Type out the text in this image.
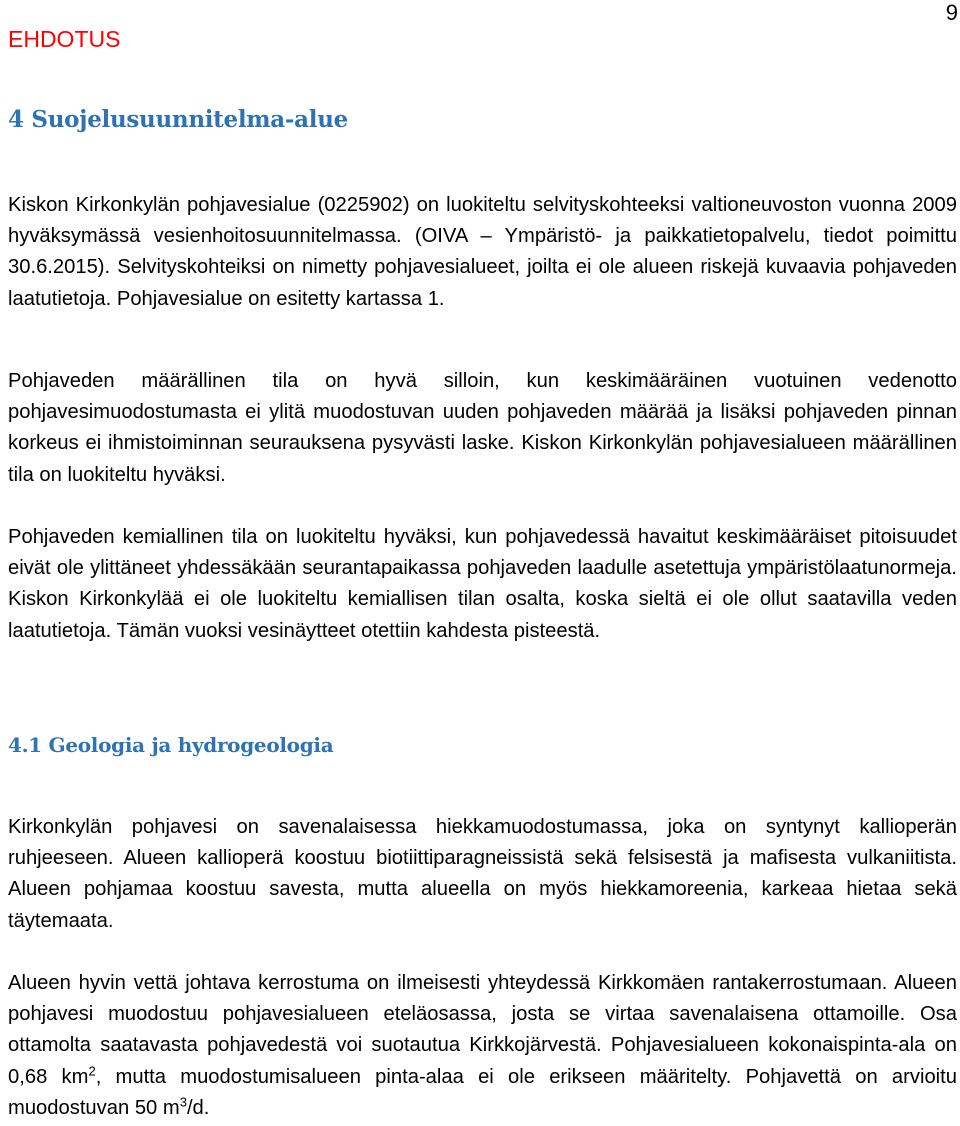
EHDOTUS
9
4 Suojelusuunnitelma-alue

Kiskon Kirkonkylän pohjavesialue (0225902) on luokiteltu selvityskohteeksi valtioneuvoston vuonna 2009 hyväksymässä vesienhoitosuunnitelmassa. (OIVA – Ympäristö- ja paikkatietopalvelu, tiedot poimittu 30.6.2015). Selvityskohteiksi on nimetty pohjavesialueet, joilta ei ole alueen riskejä kuvaavia pohjaveden laatutietoja. Pohjavesialue on esitetty kartassa 1.

Pohjaveden määrällinen tila on hyvä silloin, kun keskimääräinen vuotuinen vedenotto pohjavesimuodostumasta ei ylitä muodostuvan uuden pohjaveden määrää ja lisäksi pohjaveden pinnan korkeus ei ihmistoiminnan seurauksena pysyvästi laske. Kiskon Kirkonkylän pohjavesialueen määrällinen tila on luokiteltu hyväksi.

Pohjaveden kemiallinen tila on luokiteltu hyväksi, kun pohjavedessä havaitut keskimääräiset pitoisuudet eivät ole ylittäneet yhdessäkään seurantapaikassa pohjaveden laadulle asetettuja ympäristölaatunormeja. Kiskon Kirkonkylää ei ole luokiteltu kemiallisen tilan osalta, koska sieltä ei ole ollut saatavilla veden laatutietoja. Tämän vuoksi vesinäytteet otettiin kahdesta pisteestä.

4.1 Geologia ja hydrogeologia

Kirkonkylän pohjavesi on savenalaisessa hiekkamuodostumassa, joka on syntynyt kallioperän ruhjeeseen. Alueen kallioperä koostuu biotiittiparagneissistä sekä felsisestä ja mafisesta vulkaniitista. Alueen pohjamaa koostuu savesta, mutta alueella on myös hiekkamoreenia, karkeaa hietaa sekä täytemaata.

Alueen hyvin vettä johtava kerrostuma on ilmeisesti yhteydessä Kirkkomäen rantakerrostumaan. Alueen pohjavesi muodostuu pohjavesialueen eteläosassa, josta se virtaa savenalaisena ottamoille. Osa ottamolta saatavasta pohjavedestä voi suotautua Kirkkojärvestä. Pohjavesialueen kokonaispinta-ala on 0,68 $km^2$, mutta muodostumisalueen pinta-alaa ei ole erikseen määritelty. Pohjavettä on arvioitu muodostuvan 50 $m^3/d$.
